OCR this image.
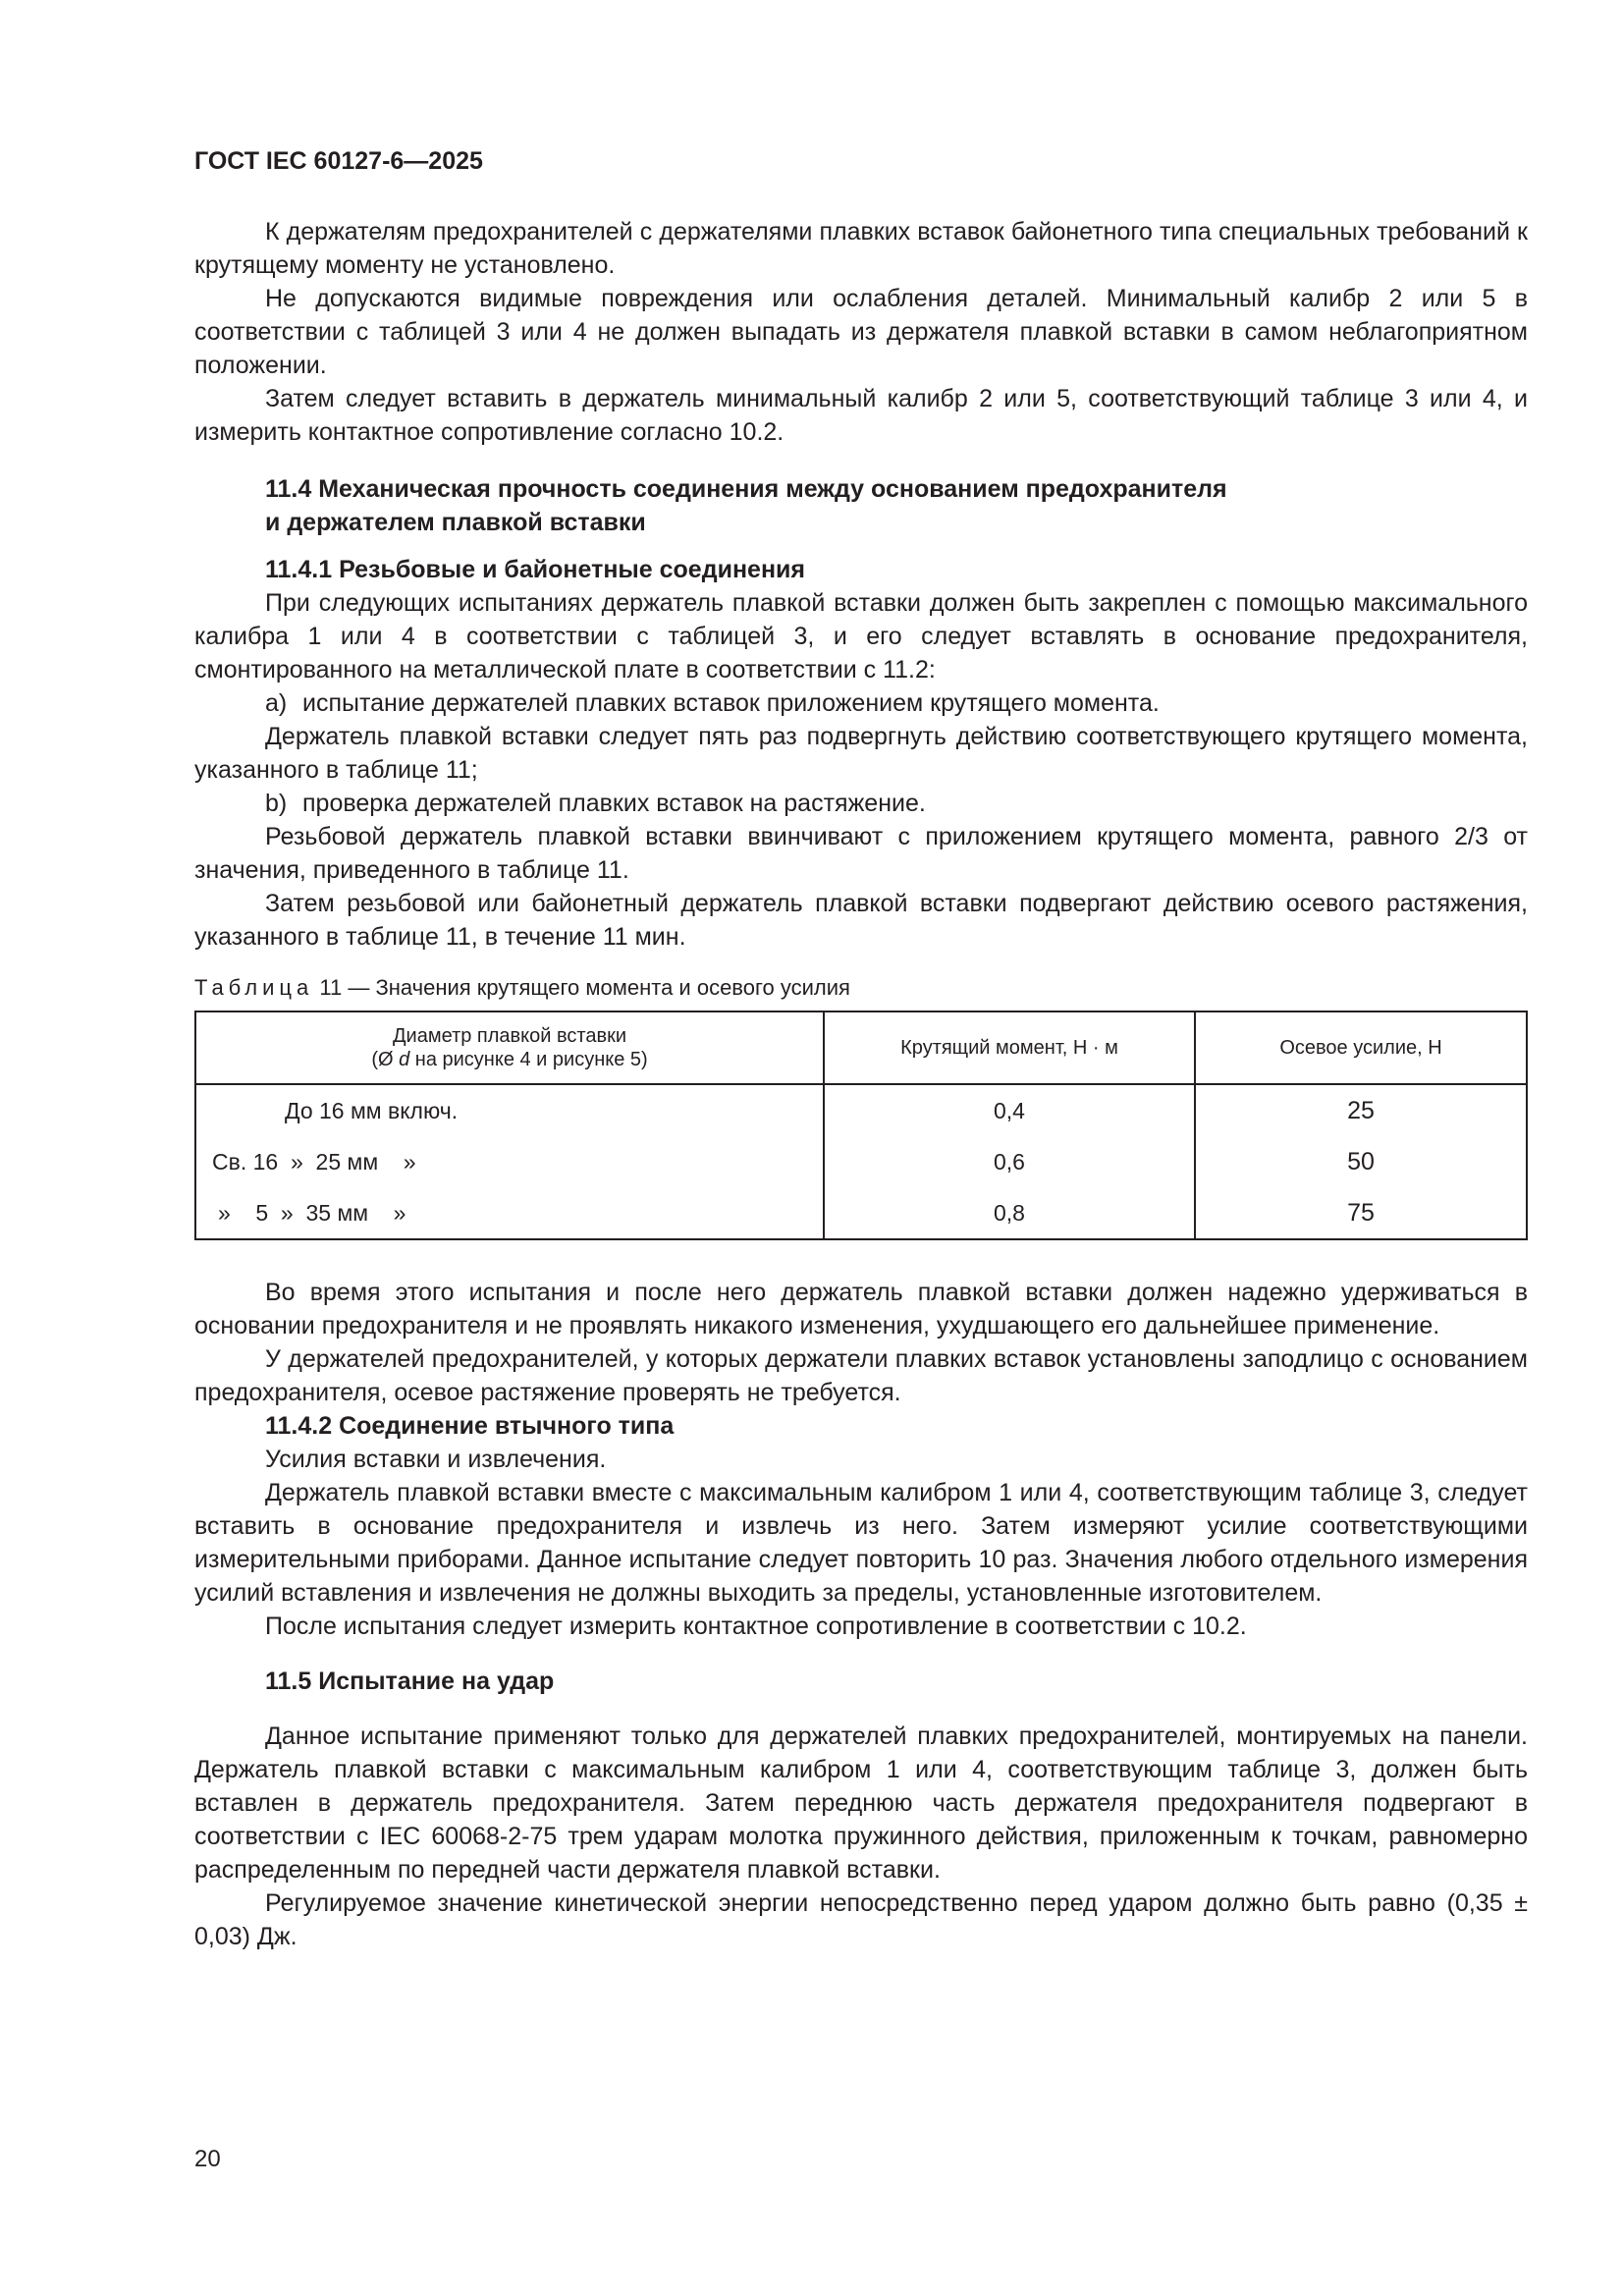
ГОСТ IEC 60127-6—2025

К держателям предохранителей с держателями плавких вставок байонетного типа специальных требований к крутящему моменту не установлено.

Не допускаются видимые повреждения или ослабления деталей. Минимальный калибр 2 или 5 в соответствии с таблицей 3 или 4 не должен выпадать из держателя плавкой вставки в самом неблагоприятном положении.

Затем следует вставить в держатель минимальный калибр 2 или 5, соответствующий таблице 3 или 4, и измерить контактное сопротивление согласно 10.2.

11.4 Механическая прочность соединения между основанием предохранителя
и держателем плавкой вставки
11.4.1 Резьбовые и байонетные соединения

При следующих испытаниях держатель плавкой вставки должен быть закреплен с помощью максимального калибра 1 или 4 в соответствии с таблицей 3, и его следует вставлять в основание предохранителя, смонтированного на металлической плате в соответствии с 11.2:

a) испытание держателей плавких вставок приложением крутящего момента.

Держатель плавкой вставки следует пять раз подвергнуть действию соответствующего крутящего момента, указанного в таблице 11;

b) проверка держателей плавких вставок на растяжение.

Резьбовой держатель плавкой вставки ввинчивают с приложением крутящего момента, равного 2/3 от значения, приведенного в таблице 11.

Затем резьбовой или байонетный держатель плавкой вставки подвергают действию осевого растяжения, указанного в таблице 11, в течение 11 мин.

Таблица 11 — Значения крутящего момента и осевого усилия
Диаметр плавкой вставки
(Ø d на рисунке 4 и рисунке 5)	Крутящий момент, Н · м	Осевое усилие, Н
До 16 мм включ.	0,4	25
Св. 16  »  25 мм    »	0,6	50
»    5  »  35 мм    »	0,8	75

Во время этого испытания и после него держатель плавкой вставки должен надежно удерживаться в основании предохранителя и не проявлять никакого изменения, ухудшающего его дальнейшее применение.

У держателей предохранителей, у которых держатели плавких вставок установлены заподлицо с основанием предохранителя, осевое растяжение проверять не требуется.

11.4.2 Соединение втычного типа

Усилия вставки и извлечения.

Держатель плавкой вставки вместе с максимальным калибром 1 или 4, соответствующим таблице 3, следует вставить в основание предохранителя и извлечь из него. Затем измеряют усилие соответствующими измерительными приборами. Данное испытание следует повторить 10 раз. Значения любого отдельного измерения усилий вставления и извлечения не должны выходить за пределы, установленные изготовителем.

После испытания следует измерить контактное сопротивление в соответствии с 10.2.

11.5 Испытание на удар

Данное испытание применяют только для держателей плавких предохранителей, монтируемых на панели. Держатель плавкой вставки с максимальным калибром 1 или 4, соответствующим таблице 3, должен быть вставлен в держатель предохранителя. Затем переднюю часть держателя предохранителя подвергают в соответствии с IEC 60068-2-75 трем ударам молотка пружинного действия, приложенным к точкам, равномерно распределенным по передней части держателя плавкой вставки.

Регулируемое значение кинетической энергии непосредственно перед ударом должно быть равно (0,35 ± 0,03) Дж.

20
